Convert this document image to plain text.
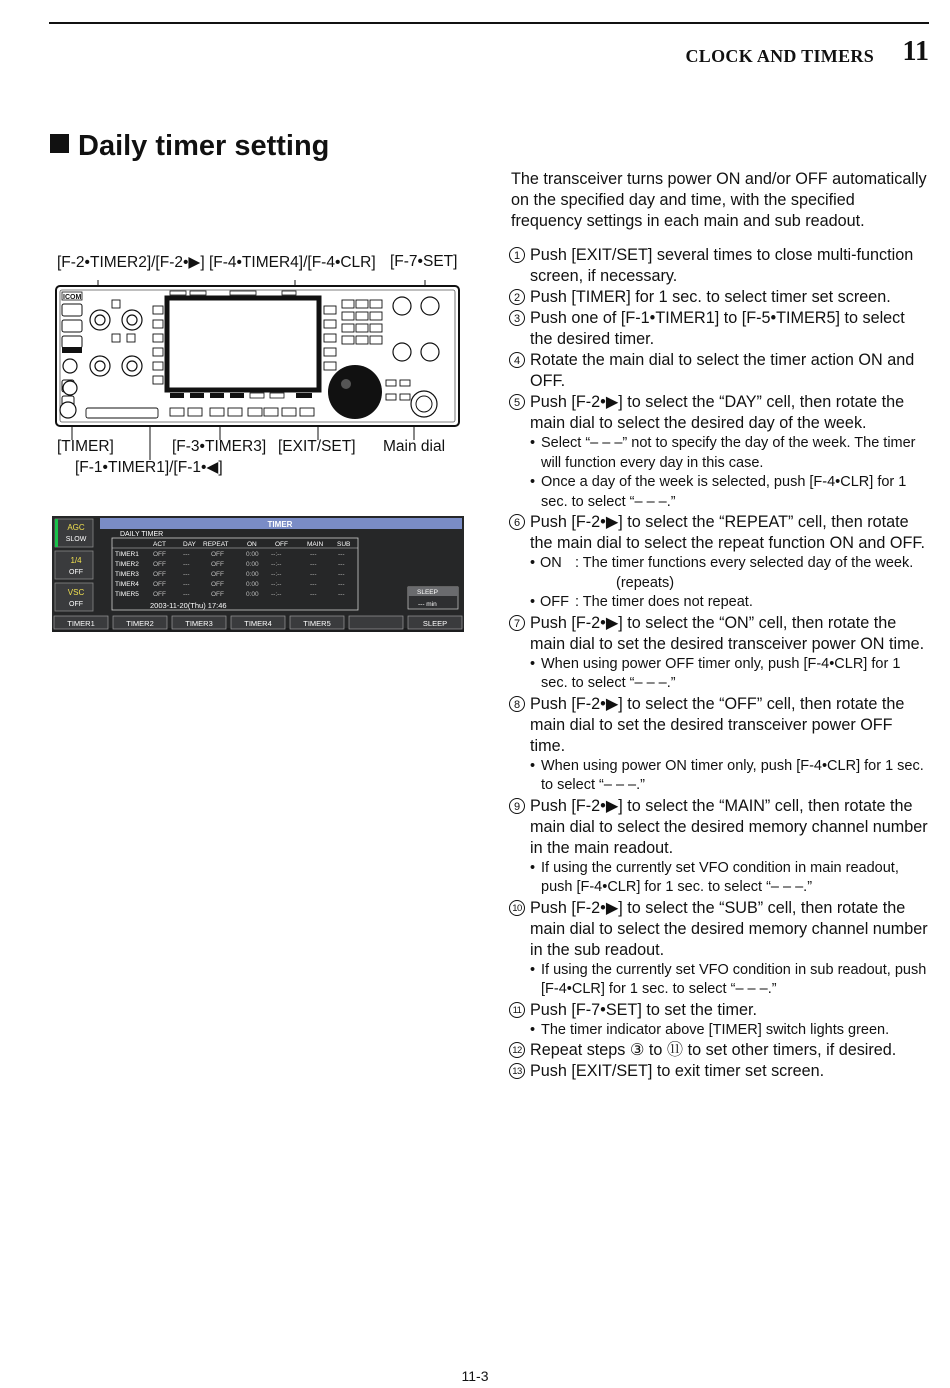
CLOCK AND TIMERS 11
Daily timer setting
[F-2•TIMER2]/[F-2•▶] [F-4•TIMER4]/[F-4•CLR] [F-7•SET]
ICOM
[TIMER]	[F-3•TIMER3] [EXIT/SET] Main dial
[F-1•TIMER1]/[F-1•◀]
TIMER
AGC
SLOW
1/4
OFF
VSC
OFF
DAILY TIMER
ACT	DAY REPEAT	ON	OFF	MAIN SUB
TIMER1 OFF	---	OFF	0:00 --:--	---	---
TIMER2 OFF	---	OFF	0:00 --:--	---	---
TIMER3 OFF	---	OFF	0:00 --:--	---	---
TIMER4 OFF	---	OFF	0:00 --:--	---	---
TIMER5 OFF	---	OFF	0:00 --:--	---	---
2003-11-20(Thu) 17:46
SLEEP
--- min
TIMER1	TIMER2	TIMER3	TIMER4	TIMER5	SLEEP
The transceiver turns power ON and/or OFF automatically on the specified day and time, with the specified frequency settings in each main and sub readout.
1 Push [EXIT/SET] several times to close multi-function screen, if necessary.
2 Push [TIMER] for 1 sec. to select timer set screen.
3 Push one of [F-1•TIMER1] to [F-5•TIMER5] to select the desired timer.
4 Rotate the main dial to select the timer action ON and OFF.
5 Push [F-2•▶] to select the “DAY” cell, then rotate the main dial to select the desired day of the week.
• Select “– – –” not to specify the day of the week. The timer will function every day in this case.
• Once a day of the week is selected, push [F-4•CLR] for 1 sec. to select “– – –.”
6 Push [F-2•▶] to select the “REPEAT” cell, then rotate the main dial to select the repeat function ON and OFF.
• ON : The timer functions every selected day of the week. (repeats)
• OFF : The timer does not repeat.
7 Push [F-2•▶] to select the “ON” cell, then rotate the main dial to set the desired transceiver power ON time.
• When using power OFF timer only, push [F-4•CLR] for 1 sec. to select “– – –.”
8 Push [F-2•▶] to select the “OFF” cell, then rotate the main dial to set the desired transceiver power OFF time.
• When using power ON timer only, push [F-4•CLR] for 1 sec. to select “– – –.”
9 Push [F-2•▶] to select the “MAIN” cell, then rotate the main dial to select the desired memory channel number in the main readout.
• If using the currently set VFO condition in main readout, push [F-4•CLR] for 1 sec. to select “– – –.”
10 Push [F-2•▶] to select the “SUB” cell, then rotate the main dial to select the desired memory channel number in the sub readout.
• If using the currently set VFO condition in sub readout, push [F-4•CLR] for 1 sec. to select “– – –.”
11 Push [F-7•SET] to set the timer.
• The timer indicator above [TIMER] switch lights green.
12 Repeat steps ③ to ⑪ to set other timers, if desired.
13 Push [EXIT/SET] to exit timer set screen.
11-3
